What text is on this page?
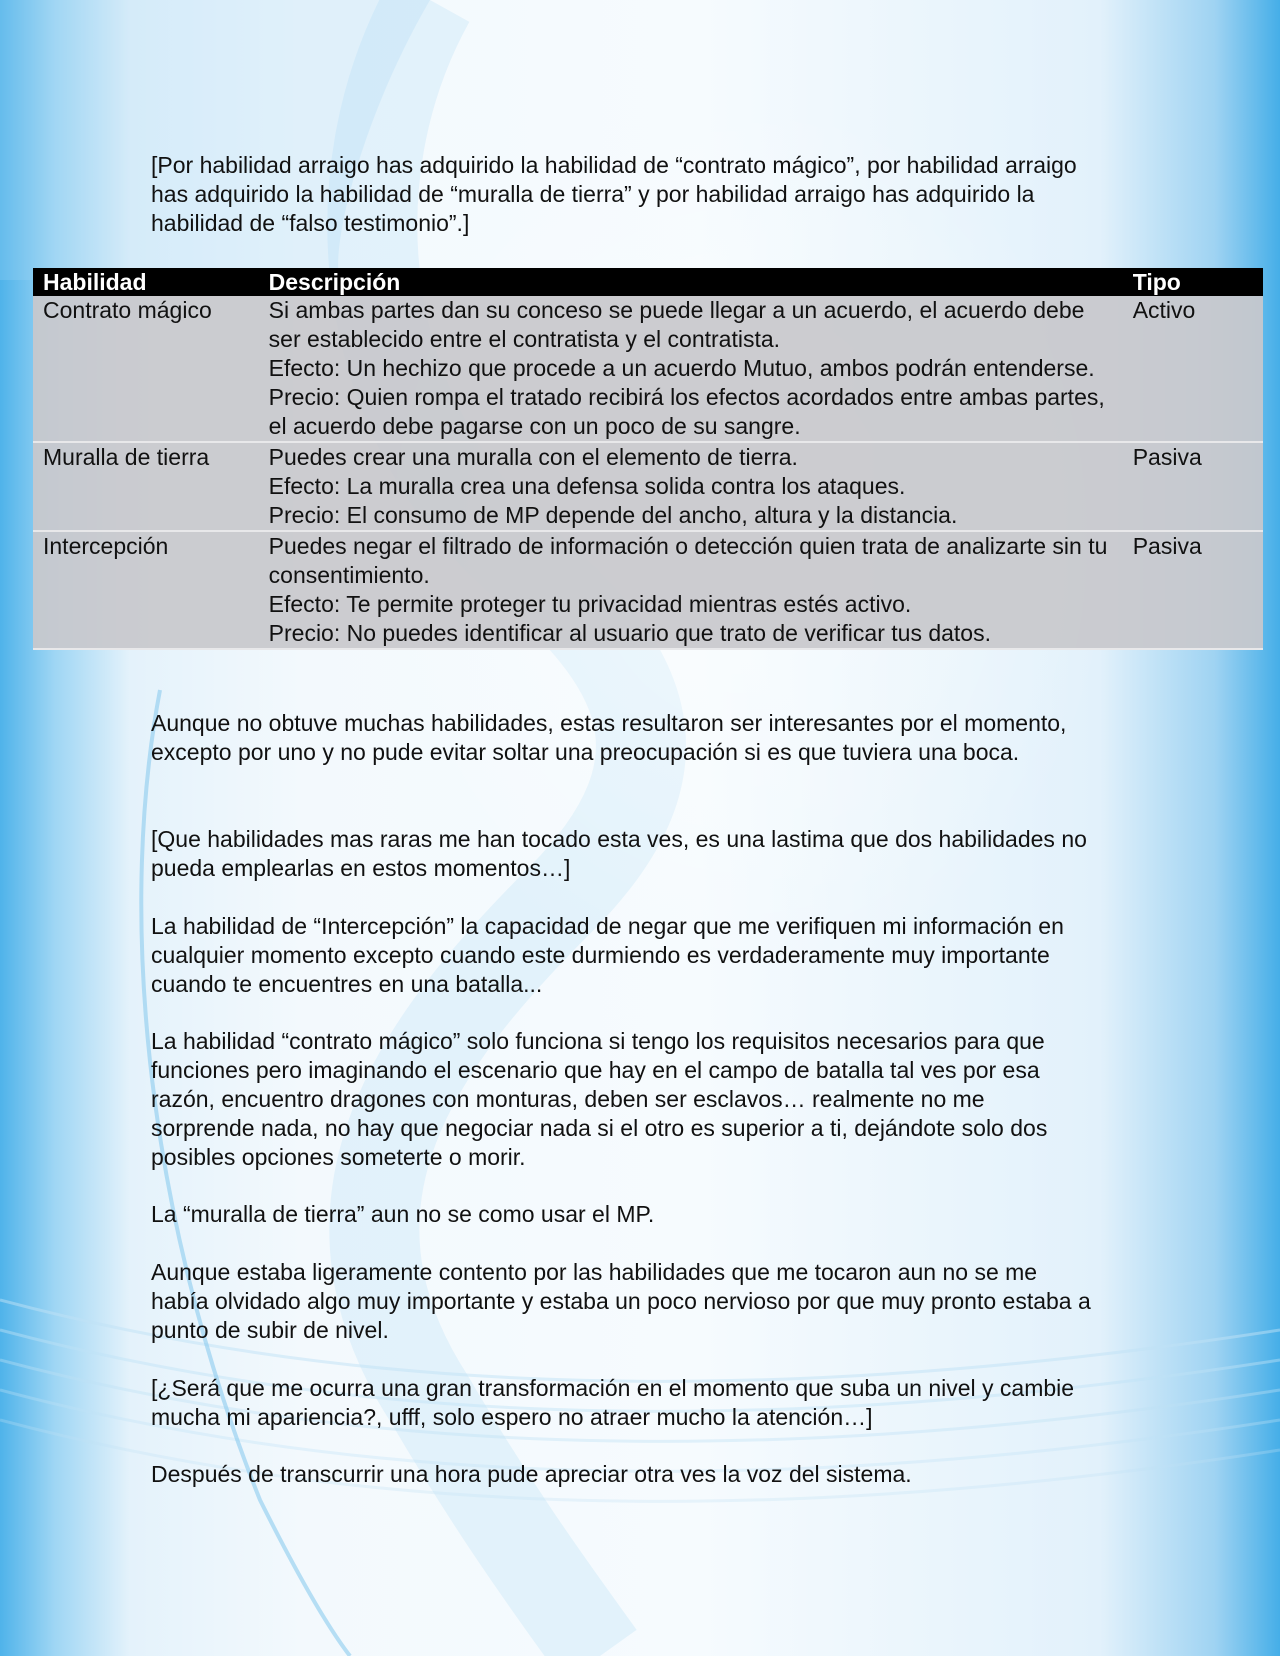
[Por habilidad arraigo has adquirido la habilidad de “contrato mágico”, por habilidad arraigo has adquirido la habilidad de “muralla de tierra” y por habilidad arraigo has adquirido la habilidad de “falso testimonio”.]

Habilidad	Descripción	Tipo
Contrato mágico	Si ambas partes dan su conceso se puede llegar a un acuerdo, el acuerdo debe ser establecido entre el contratista y el contratista.
Efecto: Un hechizo que procede a un acuerdo Mutuo, ambos podrán entenderse.
Precio: Quien rompa el tratado recibirá los efectos acordados entre ambas partes, el acuerdo debe pagarse con un poco de su sangre.	Activo
Muralla de tierra	Puedes crear una muralla con el elemento de tierra.
Efecto: La muralla crea una defensa solida contra los ataques.
Precio: El consumo de MP depende del ancho, altura y la distancia.	Pasiva
Intercepción	Puedes negar el filtrado de información o detección quien trata de analizarte sin tu consentimiento.
Efecto: Te permite proteger tu privacidad mientras estés activo.
Precio: No puedes identificar al usuario que trato de verificar tus datos.	Pasiva

Aunque no obtuve muchas habilidades, estas resultaron ser interesantes por el momento, excepto por uno y no pude evitar soltar una preocupación si es que tuviera una boca.

[Que habilidades mas raras me han tocado esta ves, es una lastima que dos habilidades no pueda emplearlas en estos momentos…]

La habilidad de “Intercepción” la capacidad de negar que me verifiquen mi información en cualquier momento excepto cuando este durmiendo es verdaderamente muy importante cuando te encuentres en una batalla...

La habilidad “contrato mágico” solo funciona si tengo los requisitos necesarios para que funciones pero imaginando el escenario que hay en el campo de batalla tal ves por esa razón, encuentro dragones con monturas, deben ser esclavos… realmente no me sorprende nada, no hay que negociar nada si el otro es superior a ti, dejándote solo dos posibles opciones someterte o morir.

La “muralla de tierra” aun no se como usar el MP.

Aunque estaba ligeramente contento por las habilidades que me tocaron aun no se me había olvidado algo muy importante y estaba un poco nervioso por que muy pronto estaba a punto de subir de nivel.

[¿Será que me ocurra una gran transformación en el momento que suba un nivel y cambie mucha mi apariencia?, ufff, solo espero no atraer mucho la atención…]

Después de transcurrir una hora pude apreciar otra ves la voz del sistema.
